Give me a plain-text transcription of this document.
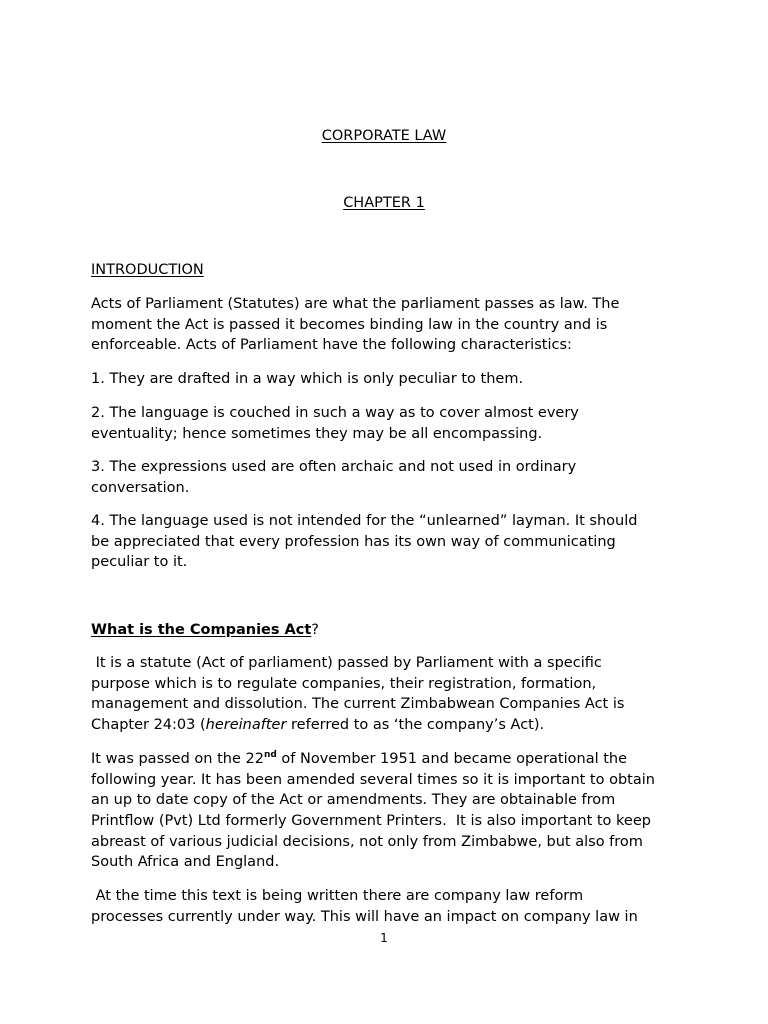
CORPORATE LAW

CHAPTER 1

INTRODUCTION

Acts of Parliament (Statutes) are what the parliament passes as law. The
moment the Act is passed it becomes binding law in the country and is
enforceable. Acts of Parliament have the following characteristics:

1. They are drafted in a way which is only peculiar to them.

2. The language is couched in such a way as to cover almost every
eventuality; hence sometimes they may be all encompassing.

3. The expressions used are often archaic and not used in ordinary
conversation.

4. The language used is not intended for the “unlearned” layman. It should
be appreciated that every profession has its own way of communicating
peculiar to it.

What is the Companies Act?

It is a statute (Act of parliament) passed by Parliament with a specific
purpose which is to regulate companies, their registration, formation,
management and dissolution. The current Zimbabwean Companies Act is
Chapter 24:03 (hereinafter referred to as ‘the company’s Act).

It was passed on the 22nd of November 1951 and became operational the
following year. It has been amended several times so it is important to obtain
an up to date copy of the Act or amendments. They are obtainable from
Printflow (Pvt) Ltd formerly Government Printers.  It is also important to keep
abreast of various judicial decisions, not only from Zimbabwe, but also from
South Africa and England.

At the time this text is being written there are company law reform
processes currently under way. This will have an impact on company law in

1
